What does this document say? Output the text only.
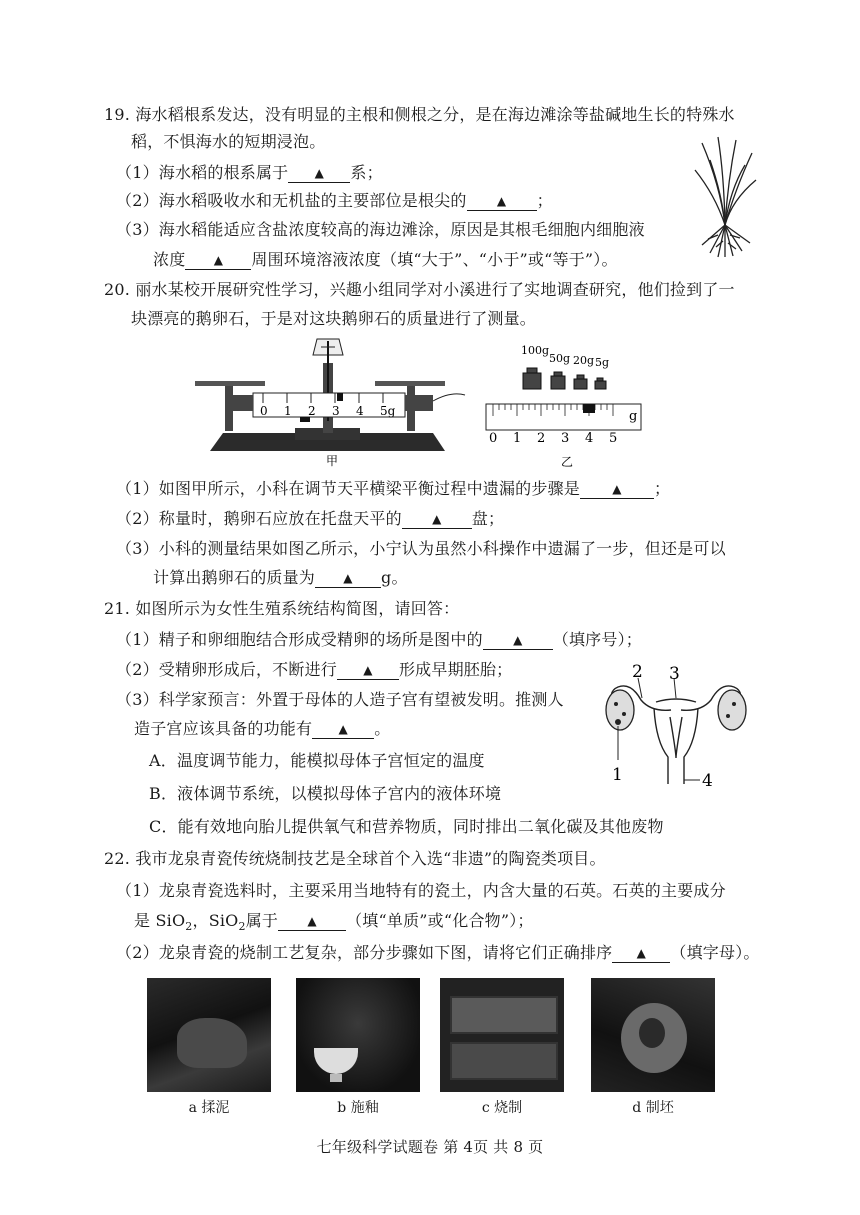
19. 海水稻根系发达，没有明显的主根和侧根之分，是在海边滩涂等盐碱地生长的特殊水
稻，不惧海水的短期浸泡。
（1）海水稻的根系属于 ▲ 系；
（2）海水稻吸收水和无机盐的主要部位是根尖的	▲ ；
（3）海水稻能适应含盐浓度较高的海边滩涂，原因是其根毛细胞内细胞液
浓度 ▲ 周围环境溶液浓度（填“大于”、“小于”或“等于”）。
20. 丽水某校开展研究性学习，兴趣小组同学对小溪进行了实地调查研究，他们捡到了一
块漂亮的鹅卵石，于是对这块鹅卵石的质量进行了测量。
甲
0 1 2 3 4 5g
100g
50g 20g 5g
0 1 2 3 4 5
g
乙
（1）如图甲所示，小科在调节天平横梁平衡过程中遗漏的步骤是	▲ ；
（2）称量时，鹅卵石应放在托盘天平的	▲ 盘；
（3）小科的测量结果如图乙所示，小宁认为虽然小科操作中遗漏了一步，但还是可以
计算出鹅卵石的质量为 ▲ g。
21. 如图所示为女性生殖系统结构简图，请回答：
（1）精子和卵细胞结合形成受精卵的场所是图中的	▲ （填序号）；
（2）受精卵形成后，不断进行 ▲ 形成早期胚胎；
（3）科学家预言：外置于母体的人造子宫有望被发明。推测人
造子宫应该具备的功能有 ▲ 。
A．温度调节能力，能模拟母体子宫恒定的温度
B．液体调节系统，以模拟母体子宫内的液体环境
C．能有效地向胎儿提供氧气和营养物质，同时排出二氧化碳及其他废物
1
2 3
4
22. 我市龙泉青瓷传统烧制技艺是全球首个入选“非遗”的陶瓷类项目。
（1）龙泉青瓷选料时，主要采用当地特有的瓷土，内含大量的石英。石英的主要成分
是 SiO$_2$，SiO$_2$属于 ▲ （填“单质”或“化合物”）；
（2）龙泉青瓷的烧制工艺复杂，部分步骤如下图，请将它们正确排序 ▲ （填字母）。
a 揉泥	b 施釉	c 烧制	d 制坯
七年级科学试题卷 第 4页 共 8 页
